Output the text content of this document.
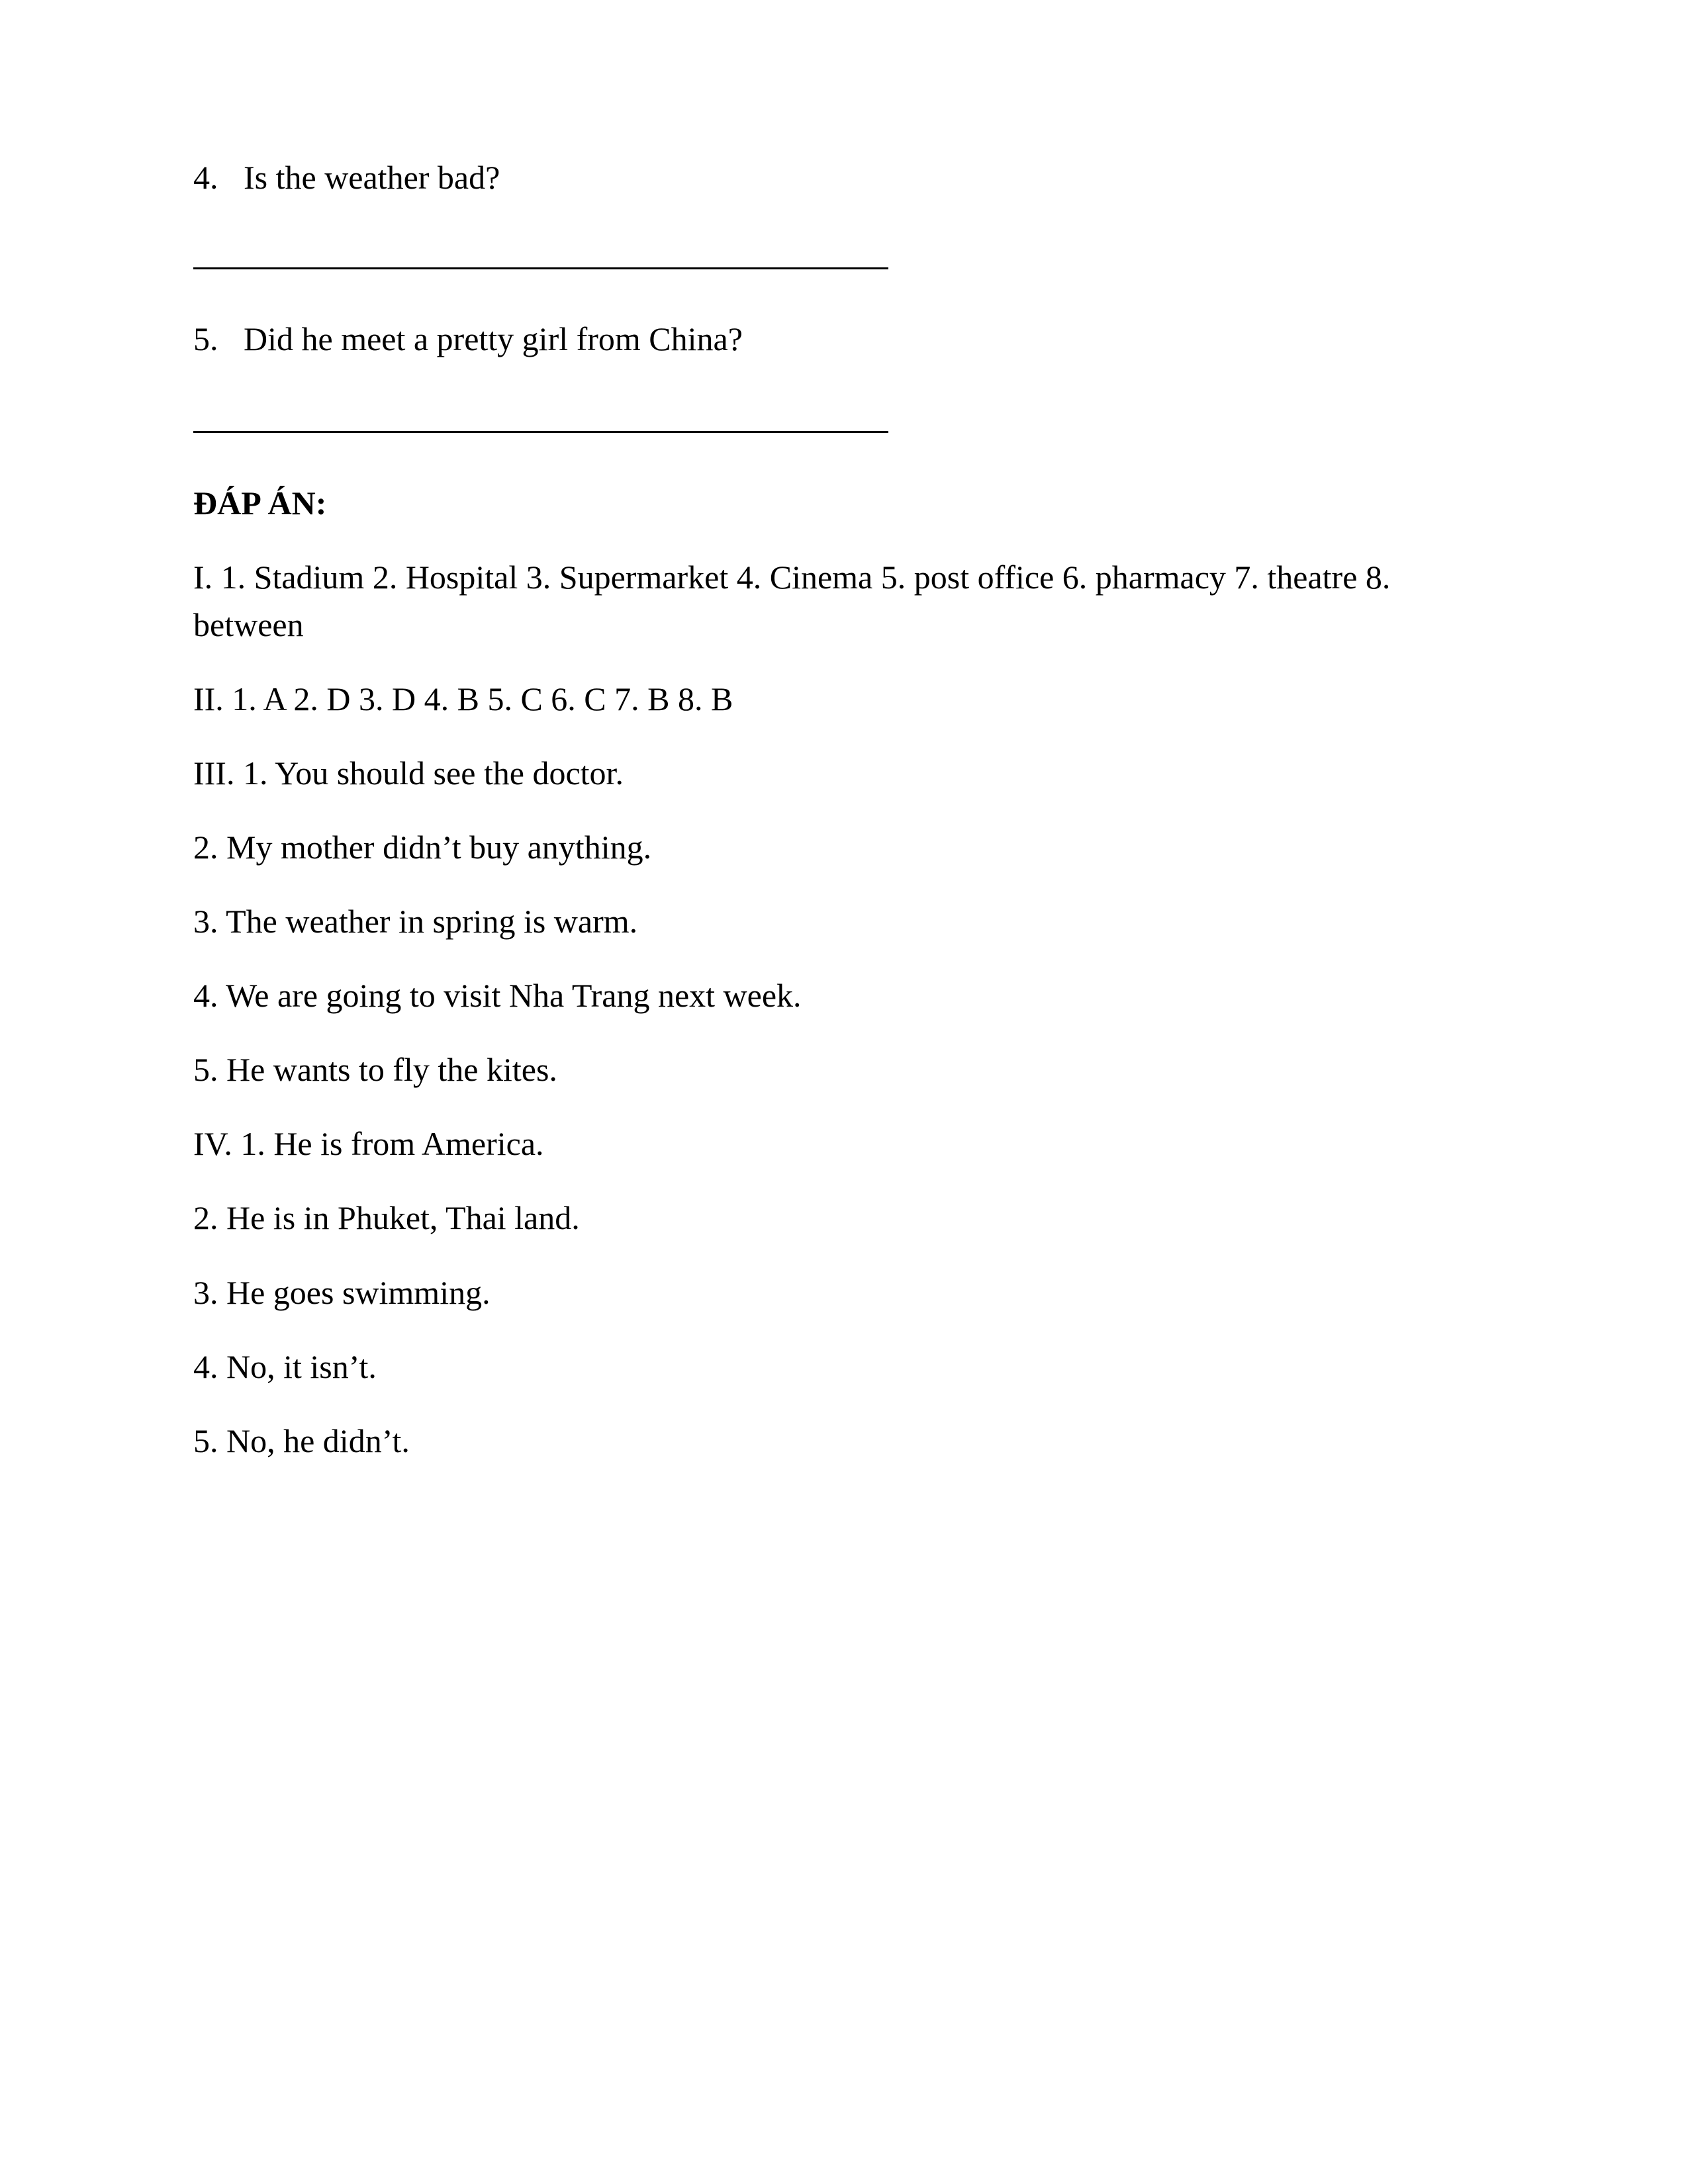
4. Is the weather bad?
5. Did he meet a pretty girl from China?
ĐÁP ÁN:
I. 1. Stadium 2. Hospital 3. Supermarket 4. Cinema 5. post office 6. pharmacy 7. theatre 8. between
II. 1. A 2. D 3. D 4. B 5. C 6. C 7. B 8. B
III. 1. You should see the doctor.
2. My mother didn’t buy anything.
3. The weather in spring is warm.
4. We are going to visit Nha Trang next week.
5. He wants to fly the kites.
IV. 1. He is from America.
2. He is in Phuket, Thai land.
3. He goes swimming.
4. No, it isn’t.
5. No, he didn’t.
